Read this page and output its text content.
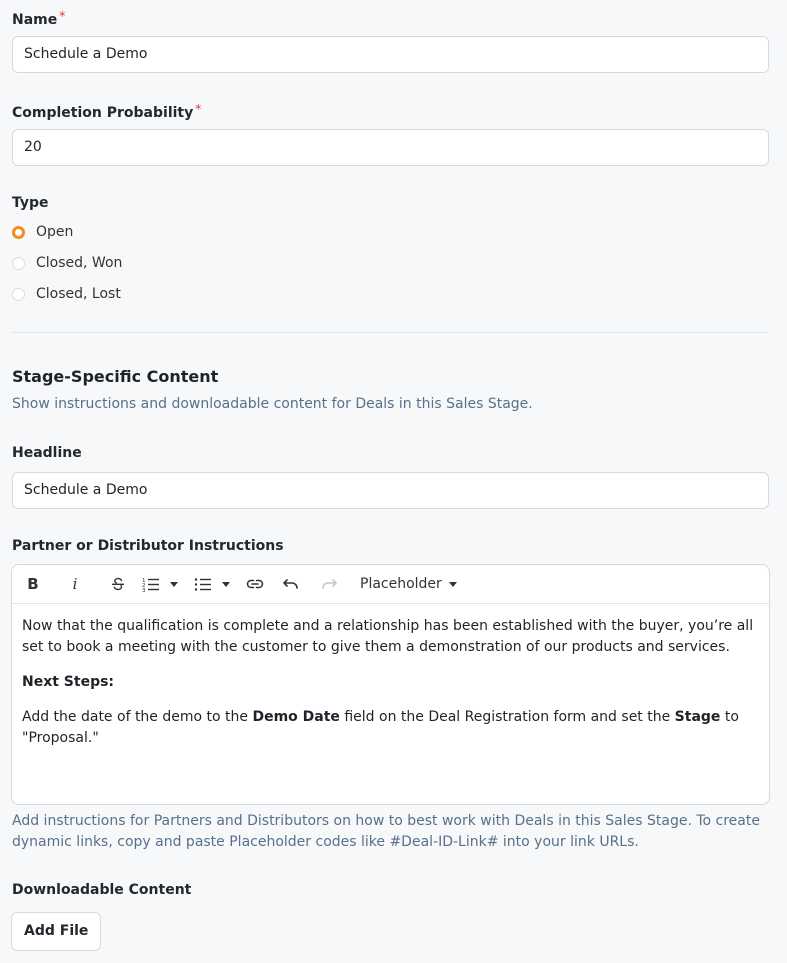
Name *
Schedule a Demo
Completion Probability *
20
Type
Open
Closed, Won
Closed, Lost
Stage-Specific Content
Show instructions and downloadable content for Deals in this Sales Stage.
Headline
Schedule a Demo
Partner or Distributor Instructions
B	i	1
2
3	Placeholder

Now that the qualification is complete and a relationship has been established with the buyer, you’re all set to book a meeting with the customer to give them a demonstration of our products and services.

Next Steps:

Add the date of the demo to the Demo Date field on the Deal Registration form and set the Stage to "Proposal."

Add instructions for Partners and Distributors on how to best work with Deals in this Sales Stage. To create dynamic links, copy and paste Placeholder codes like #Deal-ID-Link# into your link URLs.
Downloadable Content
Add File
